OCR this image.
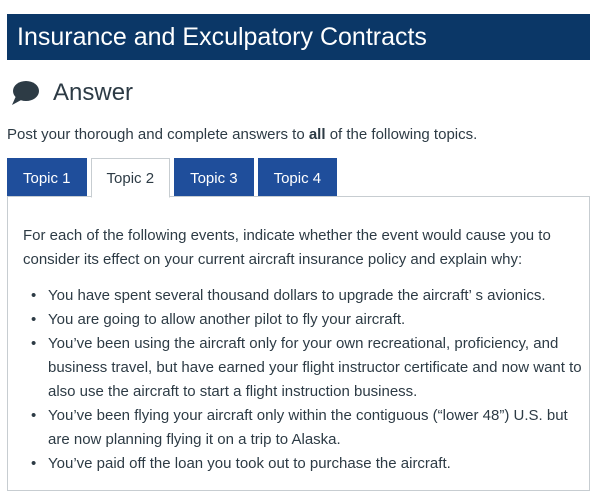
Insurance and Exculpatory Contracts
Answer
Post your thorough and complete answers to all of the following topics.
Topic 1 Topic 2 Topic 3 Topic 4
For each of the following events, indicate whether the event would cause you to consider its effect on your current aircraft insurance policy and explain why:
• You have spent several thousand dollars to upgrade the aircraft’ s avionics.
• You are going to allow another pilot to fly your aircraft.
• You’ve been using the aircraft only for your own recreational, proficiency, and business travel, but have earned your flight instructor certificate and now want to also use the aircraft to start a flight instruction business.
• You’ve been flying your aircraft only within the contiguous (“lower 48”) U.S. but are now planning flying it on a trip to Alaska.
• You’ve paid off the loan you took out to purchase the aircraft.
